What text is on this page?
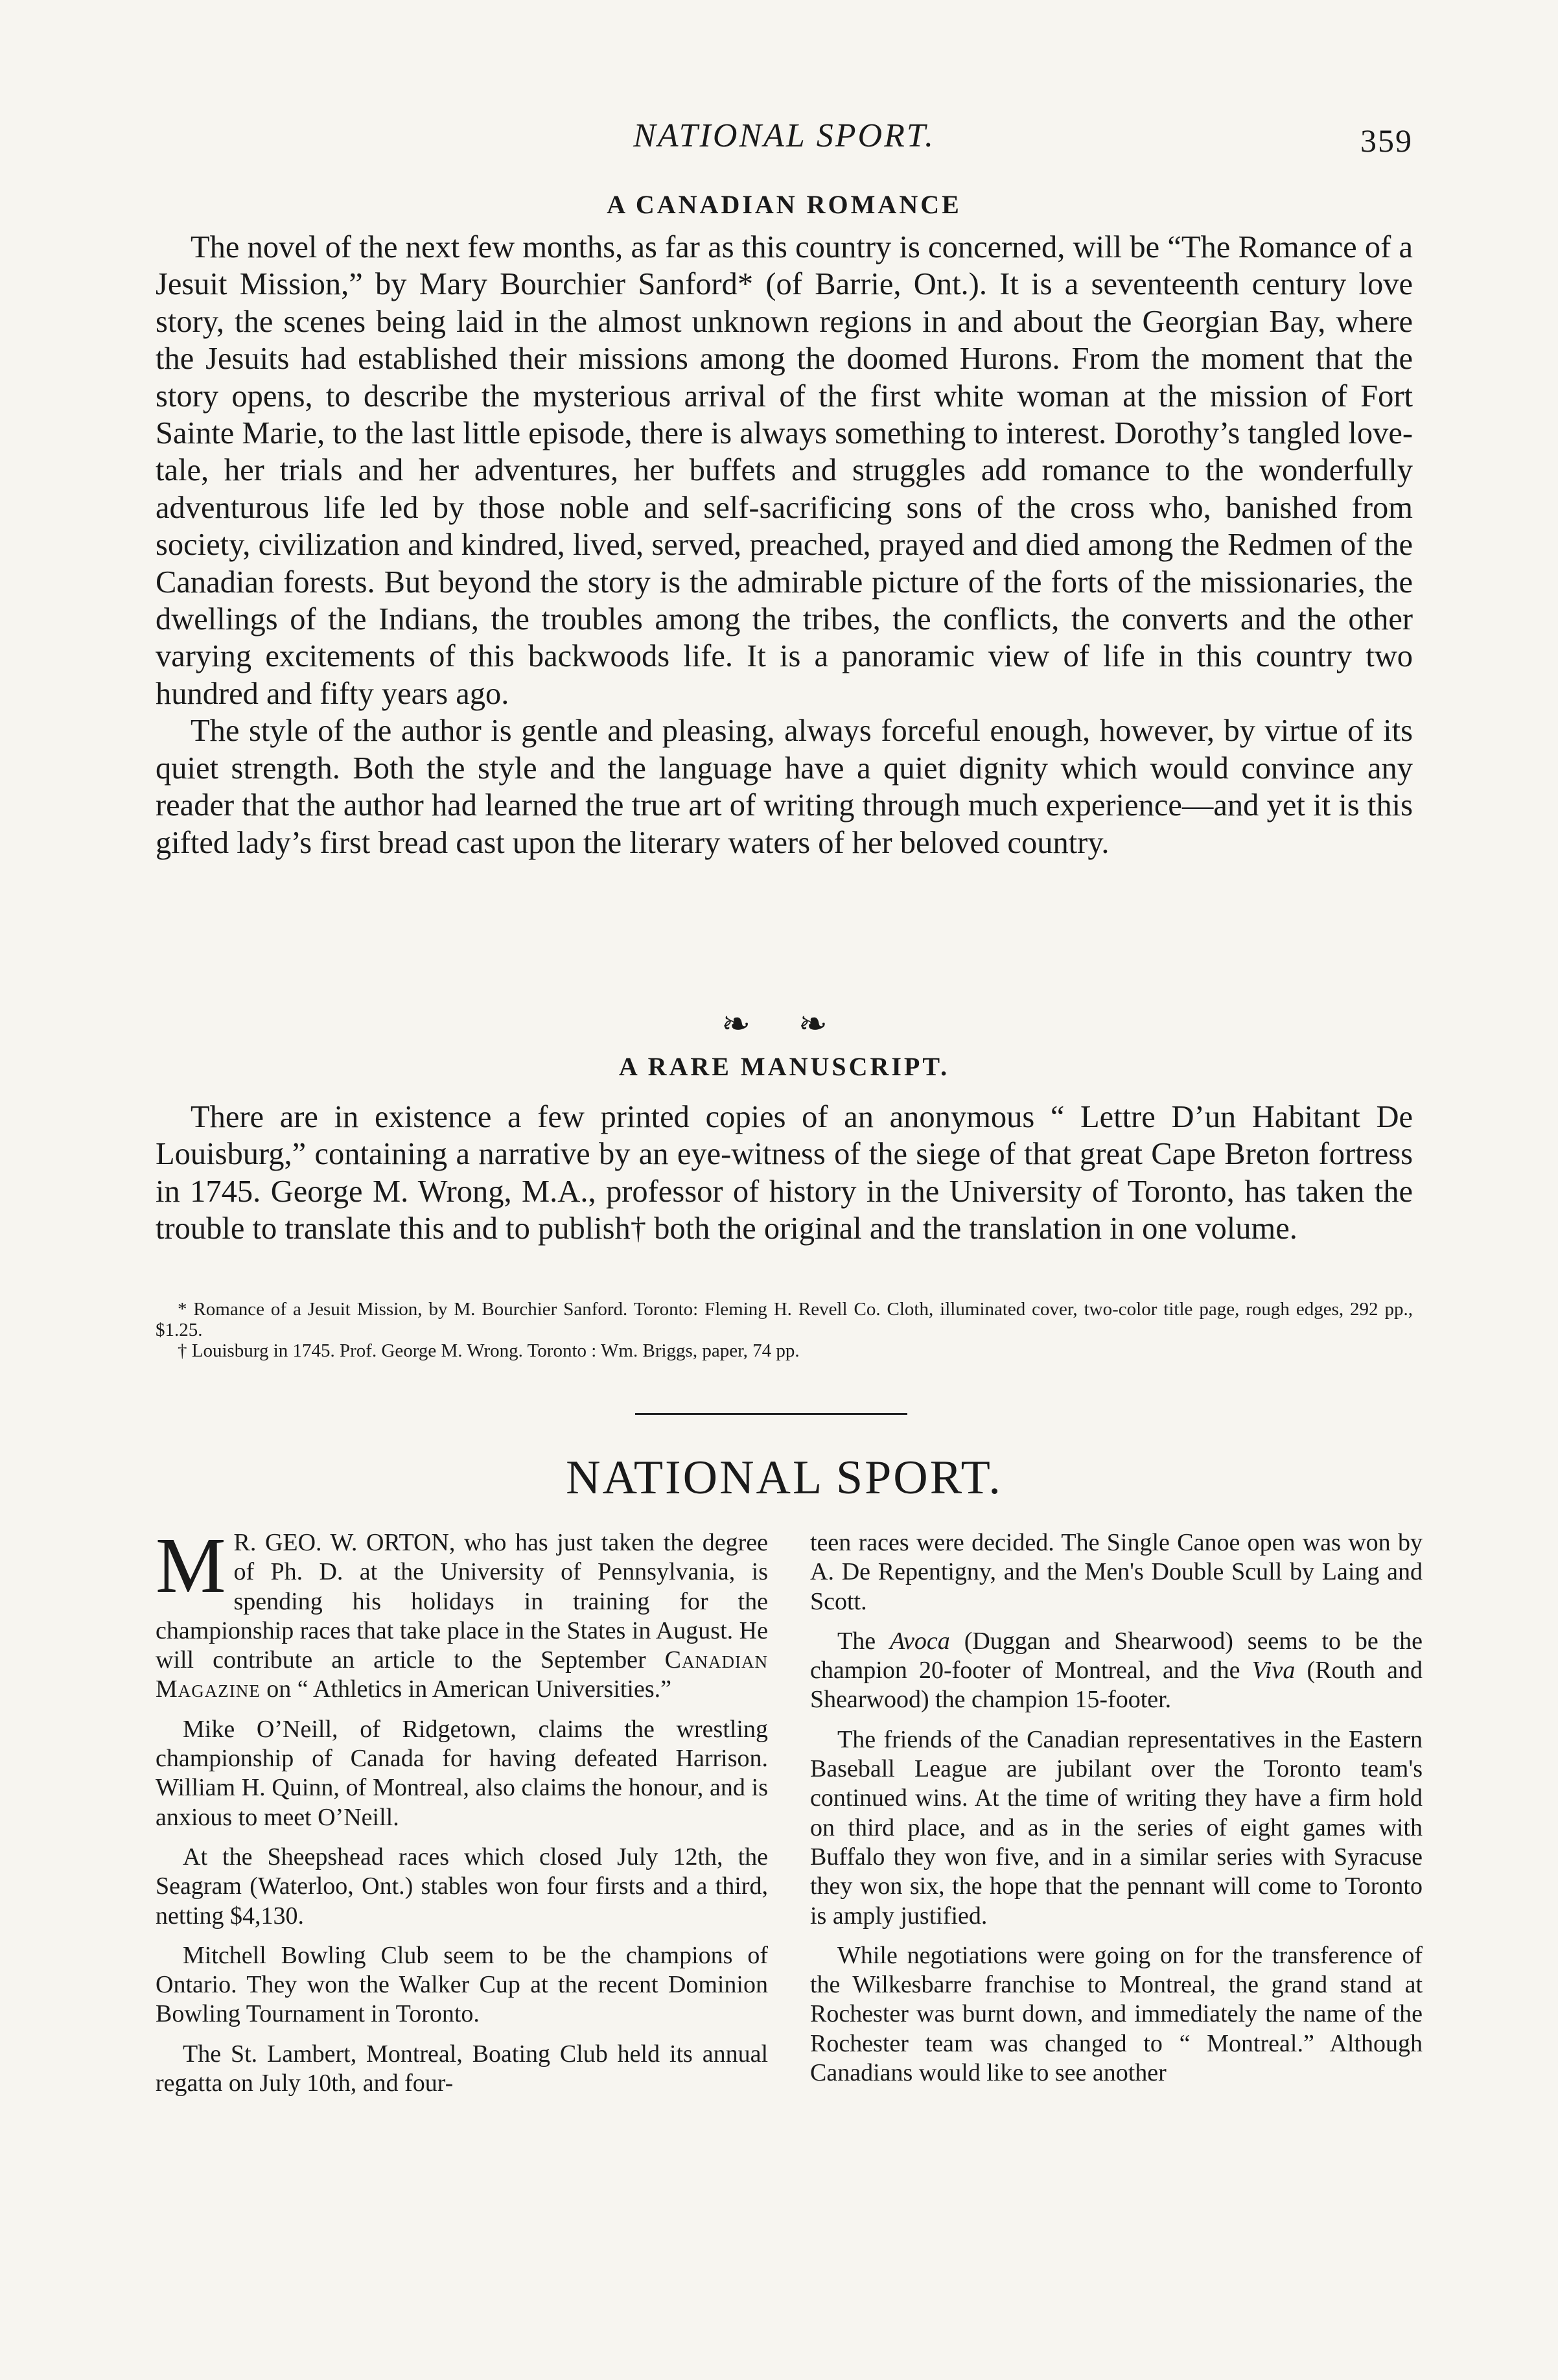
NATIONAL SPORT.	359
A CANADIAN ROMANCE

The novel of the next few months, as far as this country is concerned, will be “The Romance of a Jesuit Mission,” by Mary Bourchier Sanford* (of Barrie, Ont.). It is a seventeenth century love story, the scenes being laid in the almost unknown regions in and about the Georgian Bay, where the Jesuits had established their missions among the doomed Hurons. From the moment that the story opens, to describe the mysterious arrival of the first white woman at the mission of Fort Sainte Marie, to the last little episode, there is always something to interest. Dorothy’s tangled love-tale, her trials and her adventures, her buffets and struggles add romance to the wonderfully adventurous life led by those noble and self-sacrificing sons of the cross who, banished from society, civilization and kindred, lived, served, preached, prayed and died among the Redmen of the Canadian forests. But beyond the story is the admirable picture of the forts of the missionaries, the dwellings of the Indians, the troubles among the tribes, the conflicts, the converts and the other varying excitements of this backwoods life. It is a panoramic view of life in this country two hundred and fifty years ago.

The style of the author is gentle and pleasing, always forceful enough, however, by virtue of its quiet strength. Both the style and the language have a quiet dignity which would convince any reader that the author had learned the true art of writing through much experience—and yet it is this gifted lady’s first bread cast upon the literary waters of her beloved country.

❧ ❧
A RARE MANUSCRIPT.

There are in existence a few printed copies of an anonymous “ Lettre D’un Habitant De Louisburg,” containing a narrative by an eye-witness of the siege of that great Cape Breton fortress in 1745. George M. Wrong, M.A., professor of history in the University of Toronto, has taken the trouble to translate this and to publish† both the original and the translation in one volume.

* Romance of a Jesuit Mission, by M. Bourchier Sanford. Toronto: Fleming H. Revell Co. Cloth, illuminated cover, two-color title page, rough edges, 292 pp., $1.25.

† Louisburg in 1745. Prof. George M. Wrong. Toronto : Wm. Briggs, paper, 74 pp.

NATIONAL SPORT.

M R. GEO. W. ORTON, who has just taken the degree of Ph. D. at the University of Pennsylvania, is spending his holidays in training for the championship races that take place in the States in August. He will contribute an article to the September Canadian Magazine on “ Athletics in American Universities.”

Mike O’Neill, of Ridgetown, claims the wrestling championship of Canada for having defeated Harrison. William H. Quinn, of Montreal, also claims the honour, and is anxious to meet O’Neill.

At the Sheepshead races which closed July 12th, the Seagram (Waterloo, Ont.) stables won four firsts and a third, netting $4,130.

Mitchell Bowling Club seem to be the champions of Ontario. They won the Walker Cup at the recent Dominion Bowling Tournament in Toronto.

The St. Lambert, Montreal, Boating Club held its annual regatta on July 10th, and four-

teen races were decided. The Single Canoe open was won by A. De Repentigny, and the Men's Double Scull by Laing and Scott.

The Avoca (Duggan and Shearwood) seems to be the champion 20-footer of Montreal, and the Viva (Routh and Shearwood) the champion 15-footer.

The friends of the Canadian representatives in the Eastern Baseball League are jubilant over the Toronto team's continued wins. At the time of writing they have a firm hold on third place, and as in the series of eight games with Buffalo they won five, and in a similar series with Syracuse they won six, the hope that the pennant will come to Toronto is amply justified.

While negotiations were going on for the transference of the Wilkesbarre franchise to Montreal, the grand stand at Rochester was burnt down, and immediately the name of the Rochester team was changed to “ Montreal.” Although Canadians would like to see another
